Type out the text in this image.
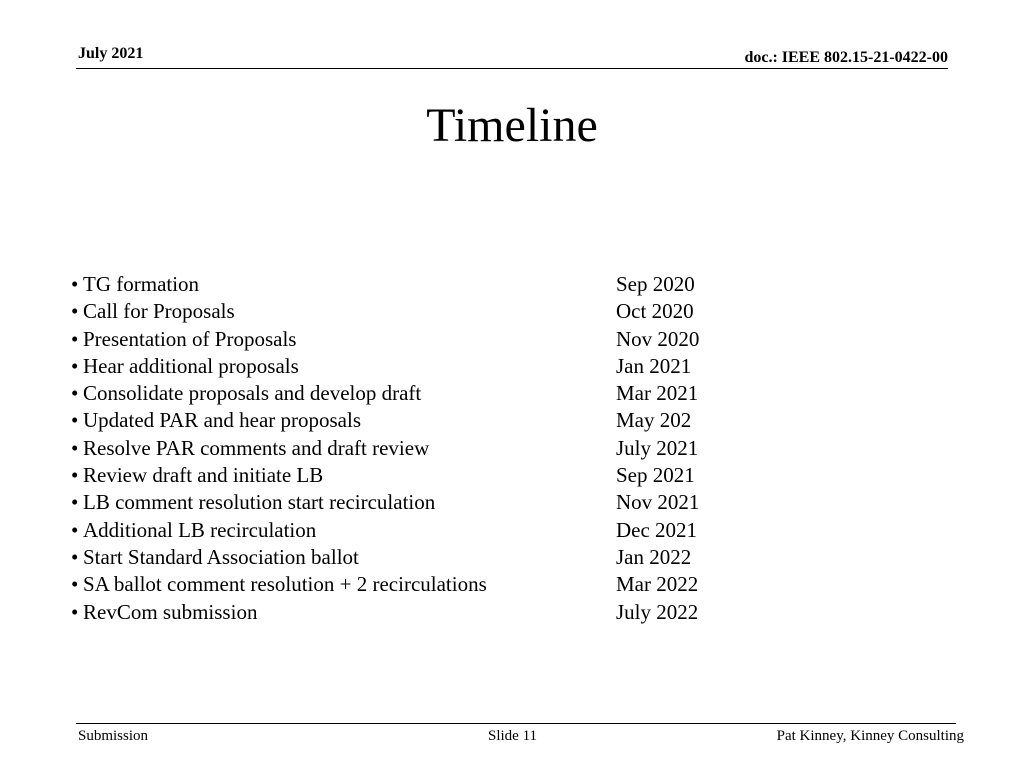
July 2021	doc.: IEEE 802.15-21-0422-00
Timeline
• TG formation	Sep 2020
• Call for Proposals	Oct 2020
• Presentation of Proposals	Nov 2020
• Hear additional proposals	Jan 2021
• Consolidate proposals and develop draft	Mar 2021
• Updated PAR and hear proposals	May 202
• Resolve PAR comments and draft review	July 2021
• Review draft and initiate LB	Sep 2021
• LB comment resolution start recirculation	Nov 2021
• Additional LB recirculation	Dec 2021
• Start Standard Association ballot	Jan 2022
• SA ballot comment resolution + 2 recirculations	Mar 2022
• RevCom submission	July 2022
Submission	Slide 11	Pat Kinney, Kinney Consulting
